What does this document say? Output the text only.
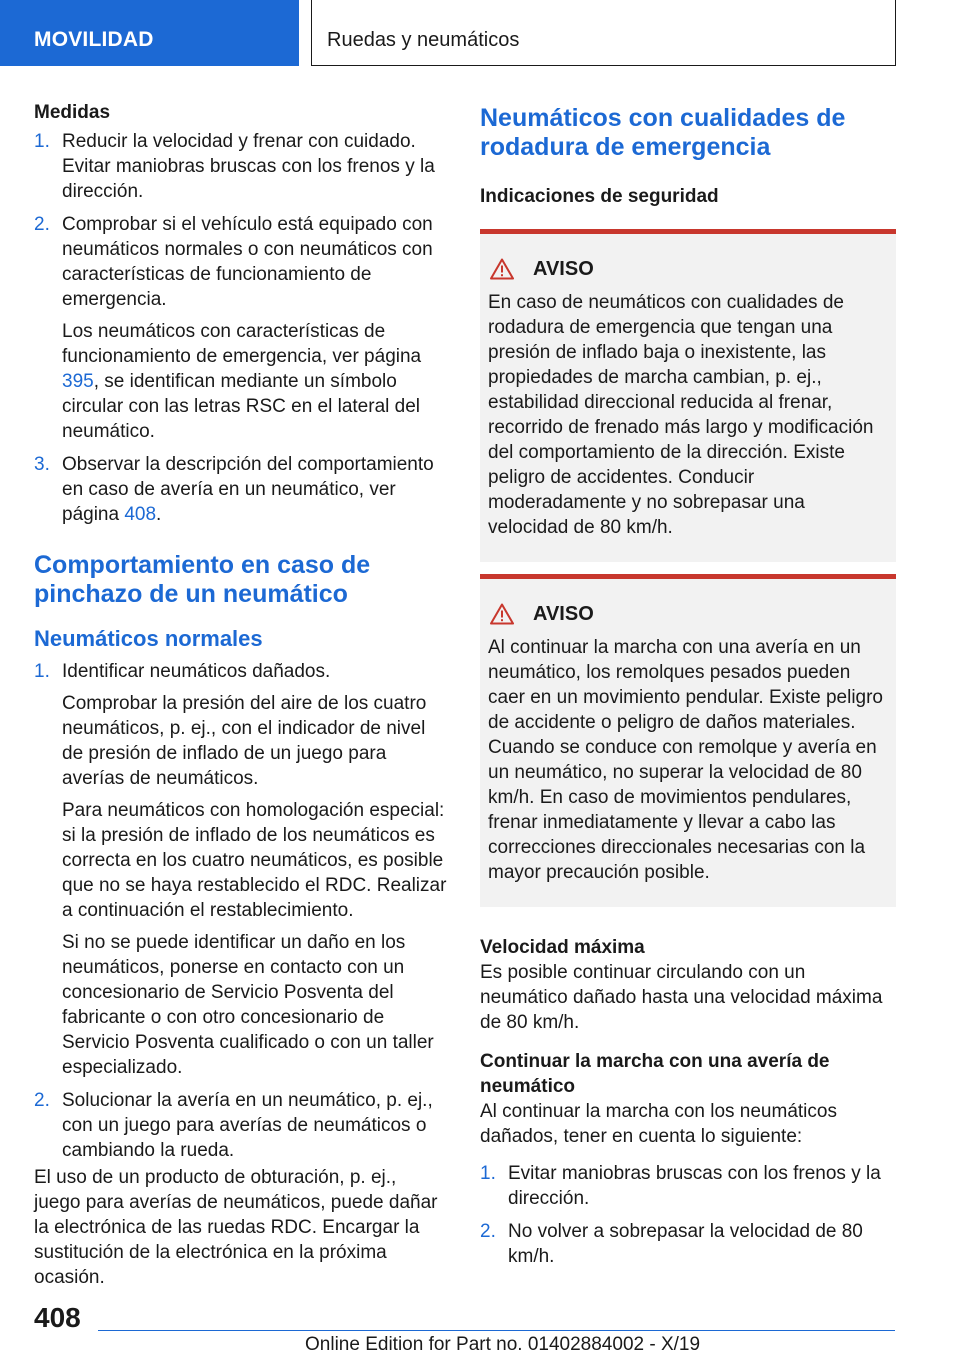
MOVILIDAD	Ruedas y neumáticos
Medidas
1. Reducir la velocidad y frenar con cuidado. Evitar maniobras bruscas con los frenos y la dirección.
2. Comprobar si el vehículo está equipado con neumáticos normales o con neumáticos con características de funcionamiento de emergencia.
Los neumáticos con características de funcionamiento de emergencia, ver página 395, se identifican mediante un símbolo circular con las letras RSC en el lateral del neumático.
3. Observar la descripción del comportamiento en caso de avería en un neumático, ver página 408.
Comportamiento en caso de pinchazo de un neumático
Neumáticos normales
1. Identificar neumáticos dañados.
Comprobar la presión del aire de los cuatro neumáticos, p. ej., con el indicador de nivel de presión de inflado de un juego para averías de neumáticos.
Para neumáticos con homologación especial: si la presión de inflado de los neumáticos es correcta en los cuatro neumáticos, es posible que no se haya restablecido el RDC. Realizar a continuación el restablecimiento.
Si no se puede identificar un daño en los neumáticos, ponerse en contacto con un concesionario de Servicio Posventa del fabricante o con otro concesionario de Servicio Posventa cualificado o con un taller especializado.
2. Solucionar la avería en un neumático, p. ej., con un juego para averías de neumáticos o cambiando la rueda.
El uso de un producto de obturación, p. ej., juego para averías de neumáticos, puede dañar la electrónica de las ruedas RDC. Encargar la sustitución de la electrónica en la próxima ocasión.
Neumáticos con cualidades de rodadura de emergencia
Indicaciones de seguridad
AVISO
En caso de neumáticos con cualidades de rodadura de emergencia que tengan una presión de inflado baja o inexistente, las propiedades de marcha cambian, p. ej., estabilidad direccional reducida al frenar, recorrido de frenado más largo y modificación del comportamiento de la dirección. Existe peligro de accidentes. Conducir moderadamente y no sobrepasar una velocidad de 80 km/h.
AVISO
Al continuar la marcha con una avería en un neumático, los remolques pesados pueden caer en un movimiento pendular. Existe peligro de accidente o peligro de daños materiales. Cuando se conduce con remolque y avería en un neumático, no superar la velocidad de 80 km/h. En caso de movimientos pendulares, frenar inmediatamente y llevar a cabo las correcciones direccionales necesarias con la mayor precaución posible.
Velocidad máxima
Es posible continuar circulando con un neumático dañado hasta una velocidad máxima de 80 km/h.
Continuar la marcha con una avería de neumático
Al continuar la marcha con los neumáticos dañados, tener en cuenta lo siguiente:
1. Evitar maniobras bruscas con los frenos y la dirección.
2. No volver a sobrepasar la velocidad de 80 km/h.
408
Online Edition for Part no. 01402884002 - X/19
